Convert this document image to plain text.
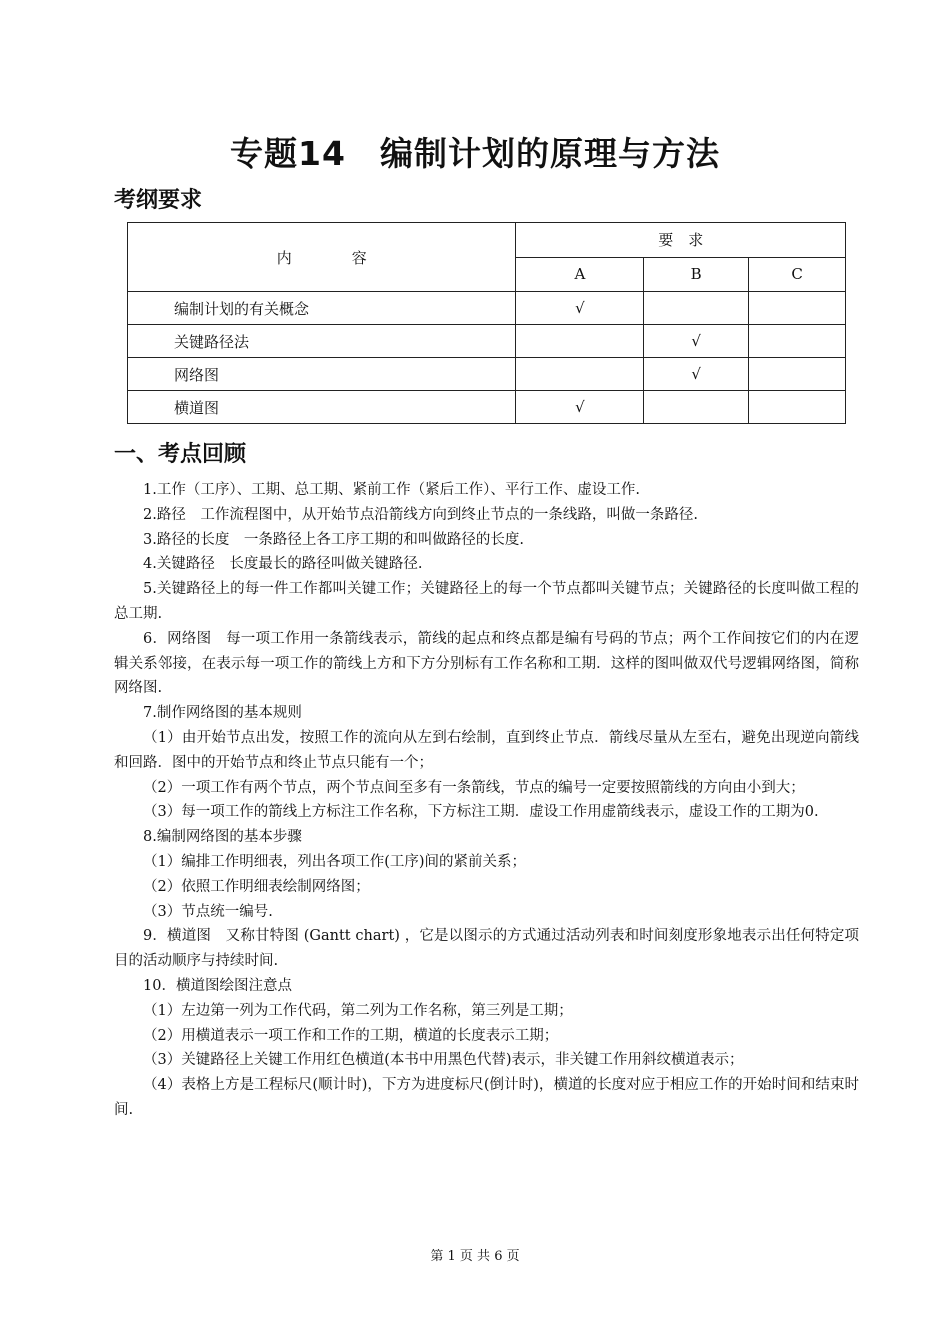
专题14　编制计划的原理与方法
考纲要求
内　　　　容	要　求		
	A	B	C
编制计划的有关概念	√		
关键路径法		√	
网络图		√	
横道图	√		
一、考点回顾

1.工作（工序）、工期、总工期、紧前工作（紧后工作）、平行工作、虚设工作.

2.路径　工作流程图中，从开始节点沿箭线方向到终止节点的一条线路，叫做一条路径.

3.路径的长度　一条路径上各工序工期的和叫做路径的长度.

4.关键路径　长度最长的路径叫做关键路径.

5.关键路径上的每一件工作都叫关键工作；关键路径上的每一个节点都叫关键节点；关键路径的长度叫做工程的总工期.

6．网络图　每一项工作用一条箭线表示，箭线的起点和终点都是编有号码的节点；两个工作间按它们的内在逻辑关系邻接，在表示每一项工作的箭线上方和下方分别标有工作名称和工期．这样的图叫做双代号逻辑网络图，简称网络图.

7.制作网络图的基本规则

（1）由开始节点出发，按照工作的流向从左到右绘制，直到终止节点．箭线尽量从左至右，避免出现逆向箭线和回路．图中的开始节点和终止节点只能有一个；

（2）一项工作有两个节点，两个节点间至多有一条箭线，节点的编号一定要按照箭线的方向由小到大；

（3）每一项工作的箭线上方标注工作名称，下方标注工期．虚设工作用虚箭线表示，虚设工作的工期为0.

8.编制网络图的基本步骤

（1）编排工作明细表，列出各项工作(工序)间的紧前关系；

（2）依照工作明细表绘制网络图；

（3）节点统一编号.

9．横道图　又称甘特图 (Gantt chart) ，它是以图示的方式通过活动列表和时间刻度形象地表示出任何特定项目的活动顺序与持续时间.

10．横道图绘图注意点

（1）左边第一列为工作代码，第二列为工作名称，第三列是工期；

（2）用横道表示一项工作和工作的工期，横道的长度表示工期；

（3）关键路径上关键工作用红色横道(本书中用黑色代替)表示，非关键工作用斜纹横道表示；

（4）表格上方是工程标尺(顺计时)，下方为进度标尺(倒计时)，横道的长度对应于相应工作的开始时间和结束时间.

第 1 页 共 6 页
